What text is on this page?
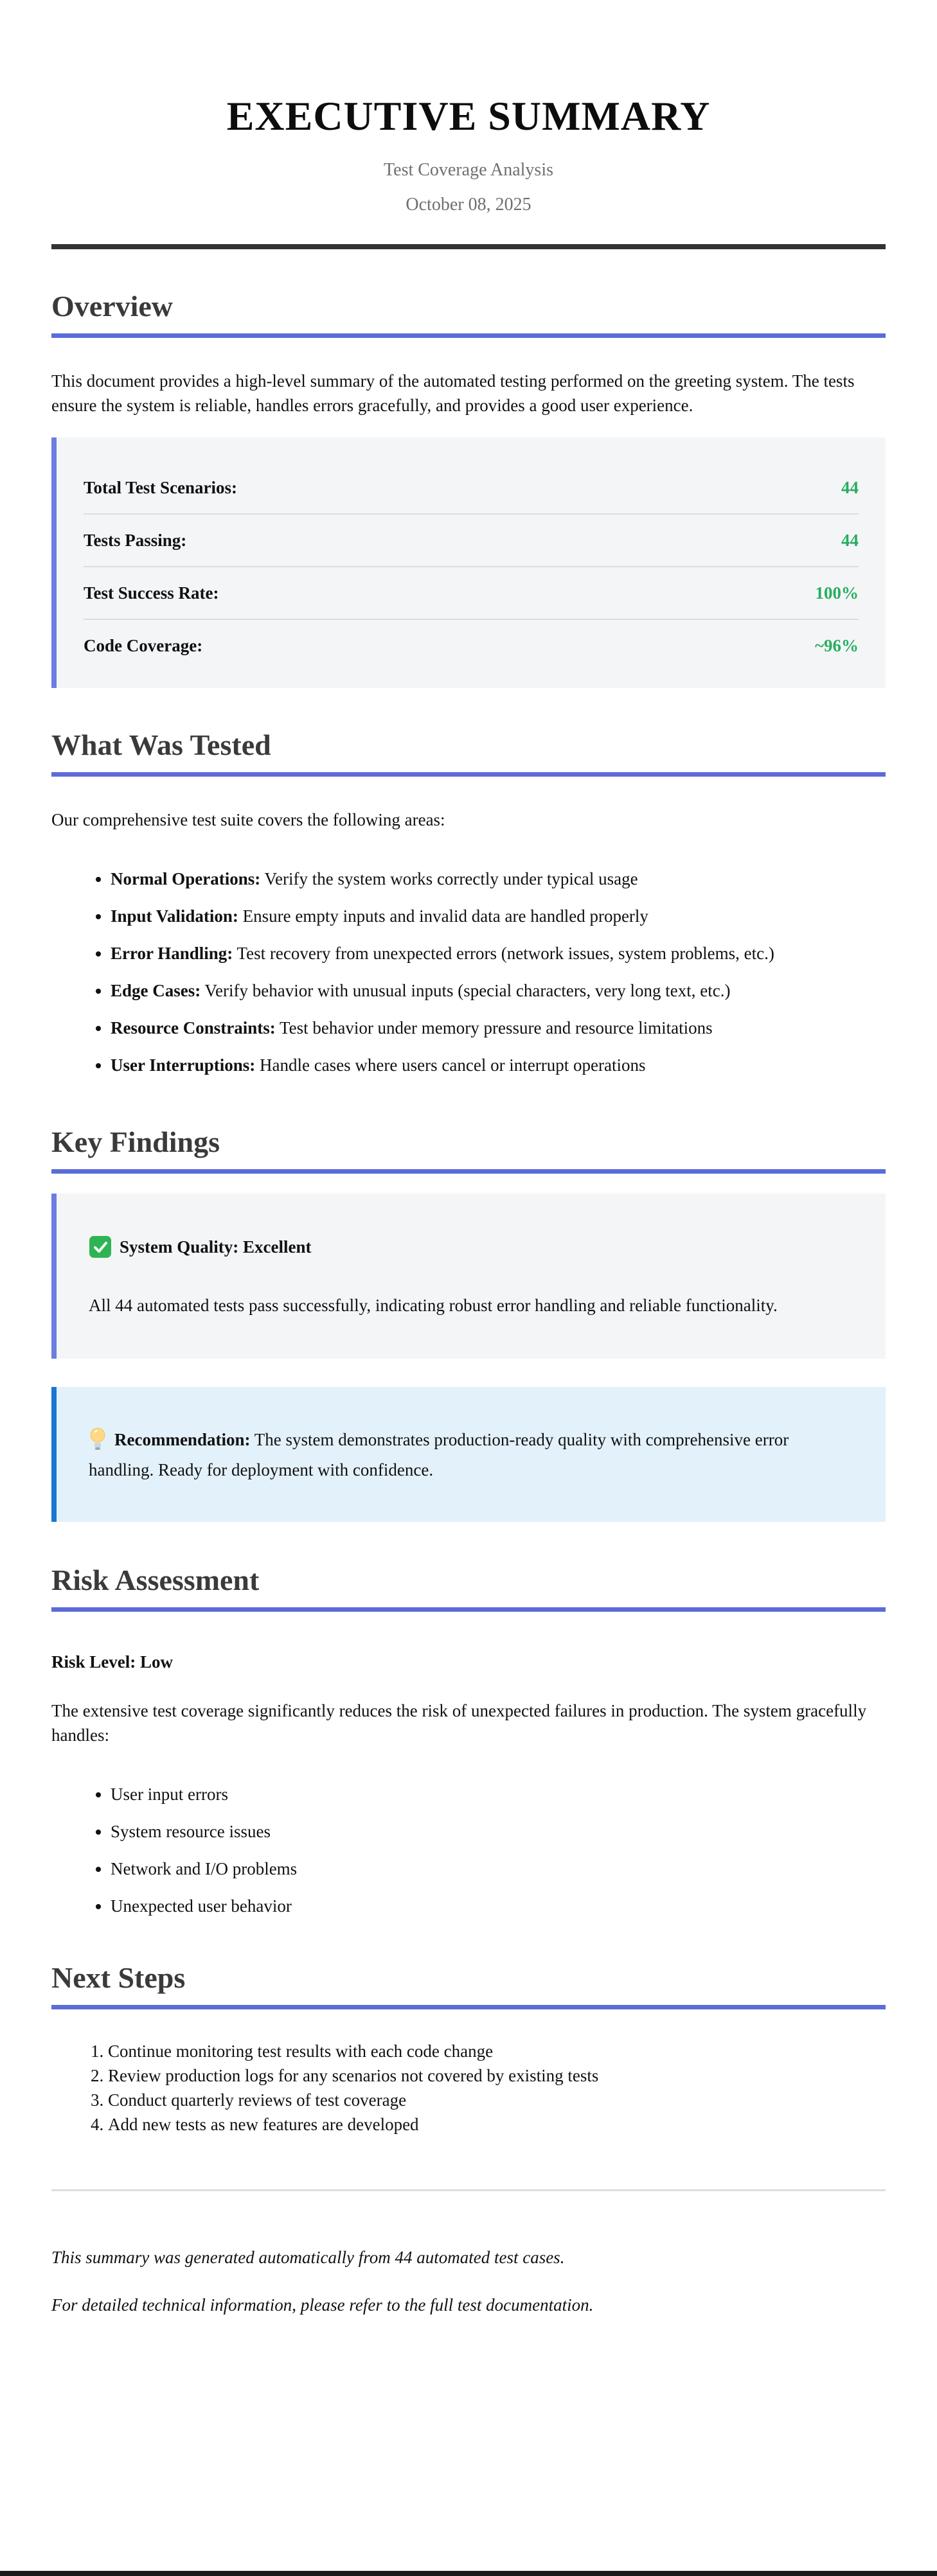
EXECUTIVE SUMMARY

Test Coverage Analysis

October 08, 2025

Overview

This document provides a high-level summary of the automated testing performed on the greeting system. The tests ensure the system is reliable, handles errors gracefully, and provides a good user experience.

Total Test Scenarios:	44
Tests Passing:	44
Test Success Rate:	100%
Code Coverage:	~96%
What Was Tested

Our comprehensive test suite covers the following areas:

• Normal Operations: Verify the system works correctly under typical usage
• Input Validation: Ensure empty inputs and invalid data are handled properly
• Error Handling: Test recovery from unexpected errors (network issues, system problems, etc.)
• Edge Cases: Verify behavior with unusual inputs (special characters, very long text, etc.)
• Resource Constraints: Test behavior under memory pressure and resource limitations
• User Interruptions: Handle cases where users cancel or interrupt operations
Key Findings

System Quality: Excellent

All 44 automated tests pass successfully, indicating robust error handling and reliable functionality.

Recommendation: The system demonstrates production-ready quality with comprehensive error handling. Ready for deployment with confidence.

Risk Assessment

Risk Level: Low

The extensive test coverage significantly reduces the risk of unexpected failures in production. The system gracefully handles:

• User input errors
• System resource issues
• Network and I/O problems
• Unexpected user behavior
Next Steps
1. Continue monitoring test results with each code change
2. Review production logs for any scenarios not covered by existing tests
3. Conduct quarterly reviews of test coverage
4. Add new tests as new features are developed

This summary was generated automatically from 44 automated test cases.

For detailed technical information, please refer to the full test documentation.
